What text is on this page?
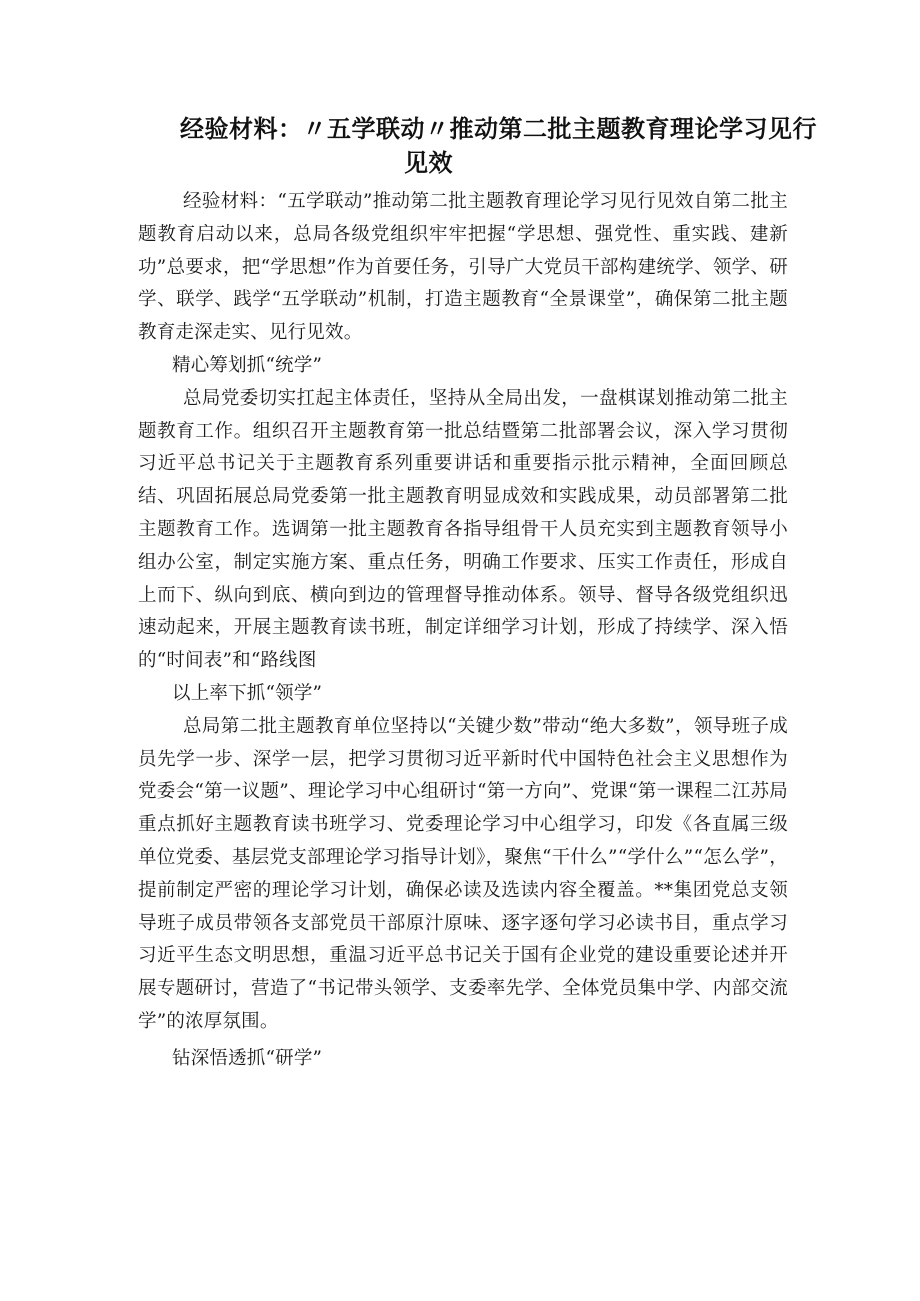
经验材料：〃五学联动〃推动第二批主题教育理论学习见行
见效

经验材料：“五学联动”推动第二批主题教育理论学习见行见效自第二批主题教育启动以来，总局各级党组织牢牢把握“学思想、强党性、重实践、建新功”总要求，把“学思想”作为首要任务，引导广大党员干部构建统学、领学、研学、联学、践学“五学联动”机制，打造主题教育“全景课堂”，确保第二批主题教育走深走实、见行见效。

精心筹划抓“统学”

总局党委切实扛起主体责任，坚持从全局出发，一盘棋谋划推动第二批主题教育工作。组织召开主题教育第一批总结暨第二批部署会议，深入学习贯彻习近平总书记关于主题教育系列重要讲话和重要指示批示精神，全面回顾总结、巩固拓展总局党委第一批主题教育明显成效和实践成果，动员部署第二批主题教育工作。选调第一批主题教育各指导组骨干人员充实到主题教育领导小组办公室，制定实施方案、重点任务，明确工作要求、压实工作责任，形成自上而下、纵向到底、横向到边的管理督导推动体系。领导、督导各级党组织迅速动起来，开展主题教育读书班，制定详细学习计划，形成了持续学、深入悟的“时间表”和“路线图

以上率下抓“领学”

总局第二批主题教育单位坚持以“关键少数”带动“绝大多数”，领导班子成员先学一步、深学一层，把学习贯彻习近平新时代中国特色社会主义思想作为党委会“第一议题”、理论学习中心组研讨“第一方向”、党课“第一课程二江苏局重点抓好主题教育读书班学习、党委理论学习中心组学习，印发《各直属三级单位党委、基层党支部理论学习指导计划》，聚焦“干什么”“学什么”“怎么学”，提前制定严密的理论学习计划，确保必读及选读内容全覆盖。**集团党总支领导班子成员带领各支部党员干部原汁原味、逐字逐句学习必读书目，重点学习习近平生态文明思想，重温习近平总书记关于国有企业党的建设重要论述并开展专题研讨，营造了“书记带头领学、支委率先学、全体党员集中学、内部交流学”的浓厚氛围。

钻深悟透抓“研学”
